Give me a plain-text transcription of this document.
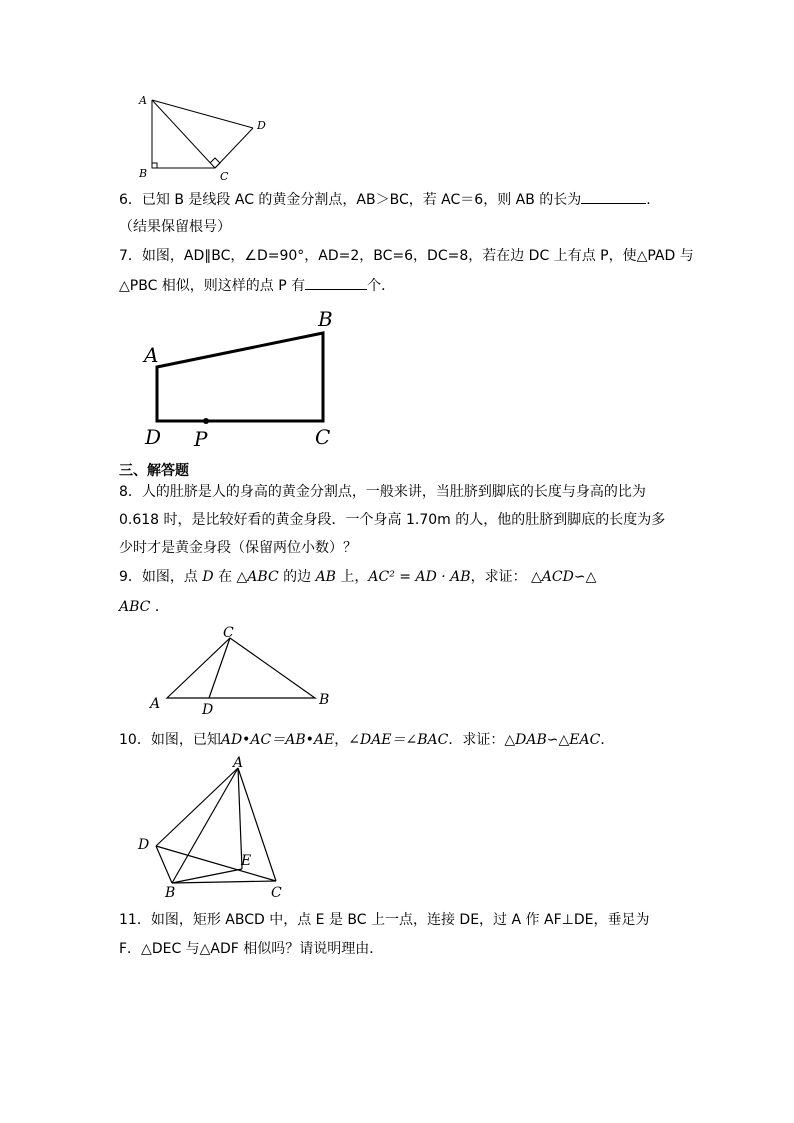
A
B	C
D
6．已知 B 是线段 AC 的黄金分割点，AB＞BC，若 AC＝6，则 AB 的长为	.
（结果保留根号）
7．如图，AD∥BC，∠D=90°，AD=2，BC=6，DC=8，若在边 DC 上有点 P，使△PAD 与
△PBC 相似，则这样的点 P 有	个．
A
B
C
D P
三、解答题
8．人的肚脐是人的身高的黄金分割点，一般来讲，当肚脐到脚底的长度与身高的比为
0.618 时，是比较好看的黄金身段．一个身高 1.70m 的人，他的肚脐到脚底的长度为多
少时才是黄金身段（保留两位小数）？
9．如图，点 D 在 △ABC 的边 AB 上，AC² = AD · AB，求证： △ACD∽△
ABC ．
C
A	B
D
10．如图，已知AD•AC＝AB•AE，∠DAE＝∠BAC．求证：△DAB∽△EAC．
A
D
E
B	C
11．如图，矩形 ABCD 中，点 E 是 BC 上一点，连接 DE，过 A 作 AF⊥DE，垂足为
F．△DEC 与△ADF 相似吗？请说明理由．
